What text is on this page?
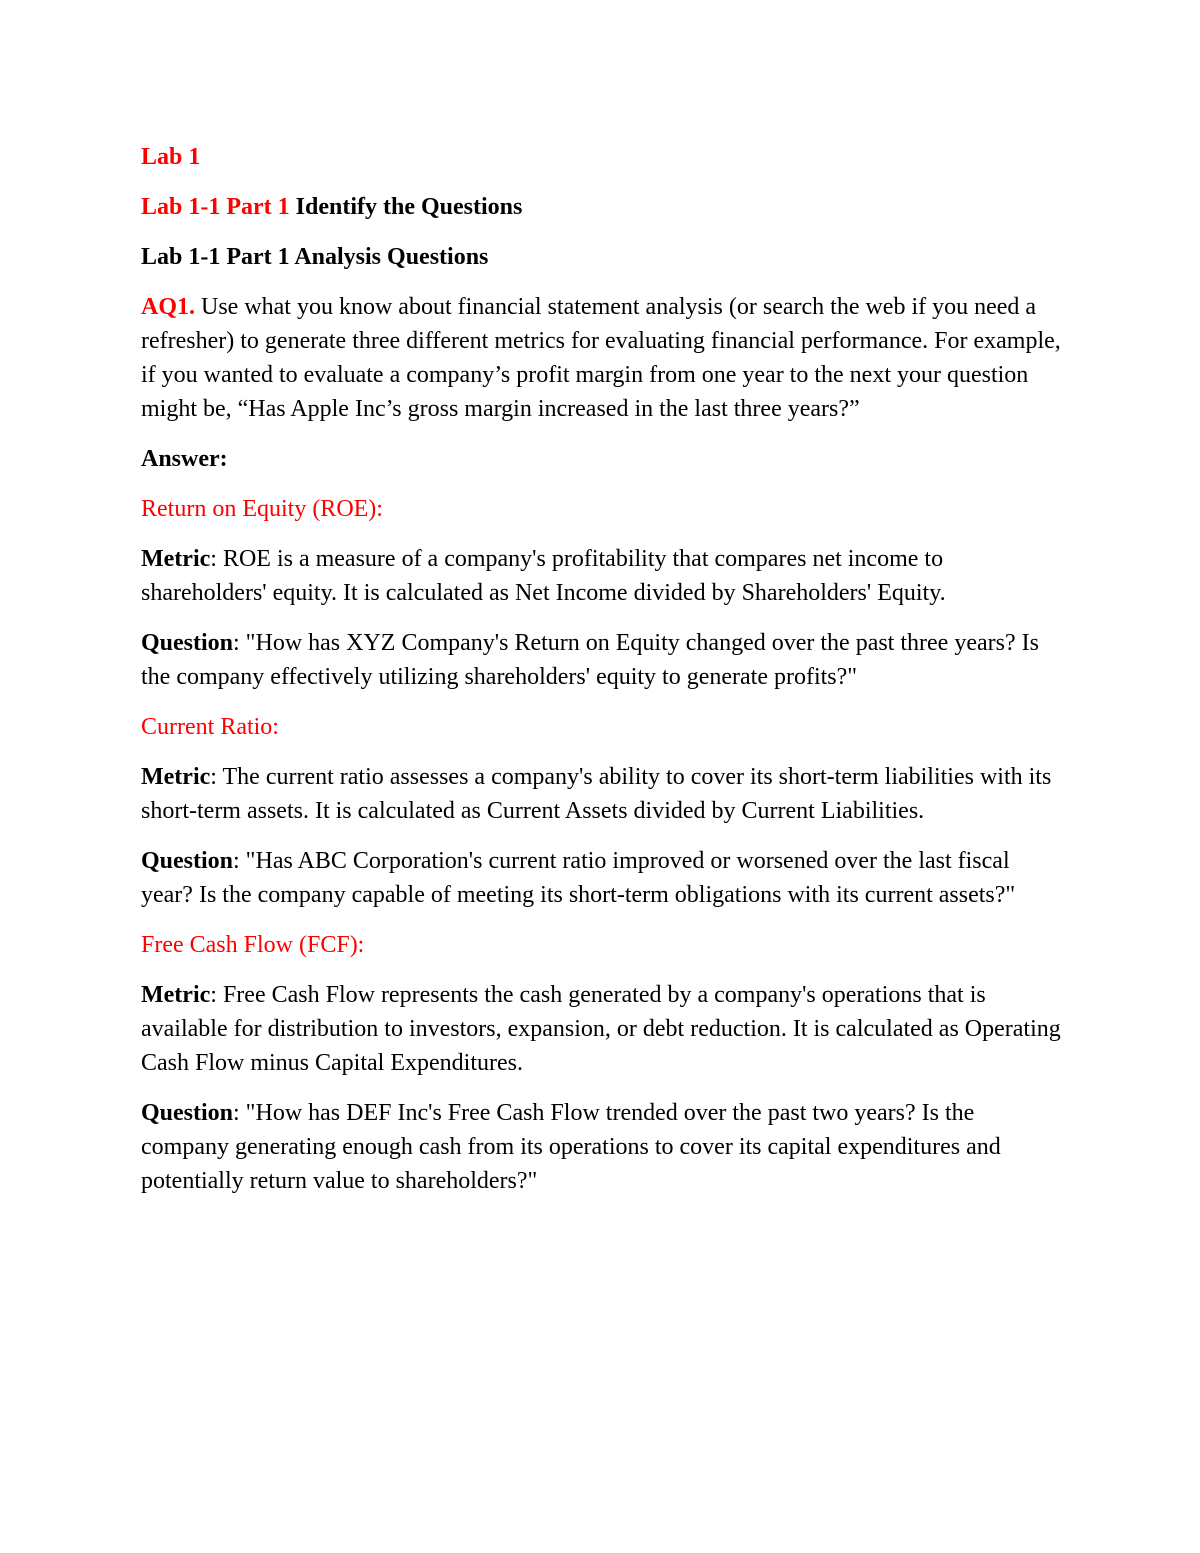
Lab 1

Lab 1-1 Part 1 Identify the Questions

Lab 1-1 Part 1 Analysis Questions

AQ1. Use what you know about financial statement analysis (or search the web if you need a refresher) to generate three different metrics for evaluating financial performance. For example, if you wanted to evaluate a company’s profit margin from one year to the next your question might be, “Has Apple Inc’s gross margin increased in the last three years?”

Answer:

Return on Equity (ROE):

Metric: ROE is a measure of a company's profitability that compares net income to shareholders' equity. It is calculated as Net Income divided by Shareholders' Equity.

Question: "How has XYZ Company's Return on Equity changed over the past three years? Is the company effectively utilizing shareholders' equity to generate profits?"

Current Ratio:

Metric: The current ratio assesses a company's ability to cover its short-term liabilities with its short-term assets. It is calculated as Current Assets divided by Current Liabilities.

Question: "Has ABC Corporation's current ratio improved or worsened over the last fiscal year? Is the company capable of meeting its short-term obligations with its current assets?"

Free Cash Flow (FCF):

Metric: Free Cash Flow represents the cash generated by a company's operations that is available for distribution to investors, expansion, or debt reduction. It is calculated as Operating Cash Flow minus Capital Expenditures.

Question: "How has DEF Inc's Free Cash Flow trended over the past two years? Is the company generating enough cash from its operations to cover its capital expenditures and potentially return value to shareholders?"
